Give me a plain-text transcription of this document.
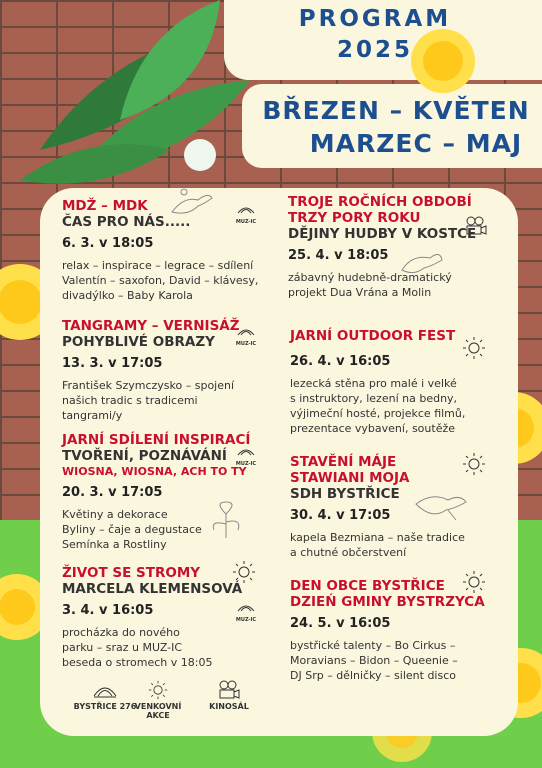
PROGRAM
2025
BŘEZEN – KVĚTEN
MARZEC – MAJ
MDŽ – MDK
ČAS PRO NÁS.....
6. 3. v 18:05
relax – inspirace – legrace – sdílení
Valentín – saxofon, David – klávesy,
divadýlko – Baby Karola
TANGRAMY – VERNISÁŽ
POHYBLIVÉ OBRAZY
13. 3. v 17:05
František Szymczysko – spojení
našich tradic s tradicemi
tangrami/y
JARNÍ SDÍLENÍ INSPIRACÍ
TVOŘENÍ, POZNÁVÁNÍ
WIOSNA, WIOSNA, ACH TO TY
20. 3. v 17:05
Květiny a dekorace
Byliny – čaje a degustace
Semínka a Rostliny
ŽIVOT SE STROMY
MARCELA KLEMENSOVÁ
3. 4. v 16:05
procházka do nového
parku – sraz u MUZ-IC
beseda o stromech v 18:05
TROJE ROČNÍCH OBDOBÍ
TRZY PORY ROKU
DĚJINY HUDBY V KOSTCE
25. 4. v 18:05
zábavný hudebně-dramatický
projekt Dua Vrána a Molin
JARNÍ OUTDOOR FEST
26. 4. v 16:05
lezecká stěna pro malé i velké
s instruktory, lezení na bedny,
výjimeční hosté, projekce filmů,
prezentace vybavení, soutěže
STAVĚNÍ MÁJE
STAWIANI MOJA
SDH BYSTŘICE
30. 4. v 17:05
kapela Bezmiana – naše tradice
a chutné občerstvení
DEN OBCE BYSTŘICE
DZIEŃ GMINY BYSTRZYCA
24. 5. v 16:05
bystřické talenty – Bo Cirkus –
Moravians – Bidon – Queenie –
DJ Srp – dělničky – silent disco
MUZ-IC
MUZ-IC
MUZ-IC
MUZ-IC
BYSTŘICE 276
VENKOVNÍ AKCE
KINOSÁL
